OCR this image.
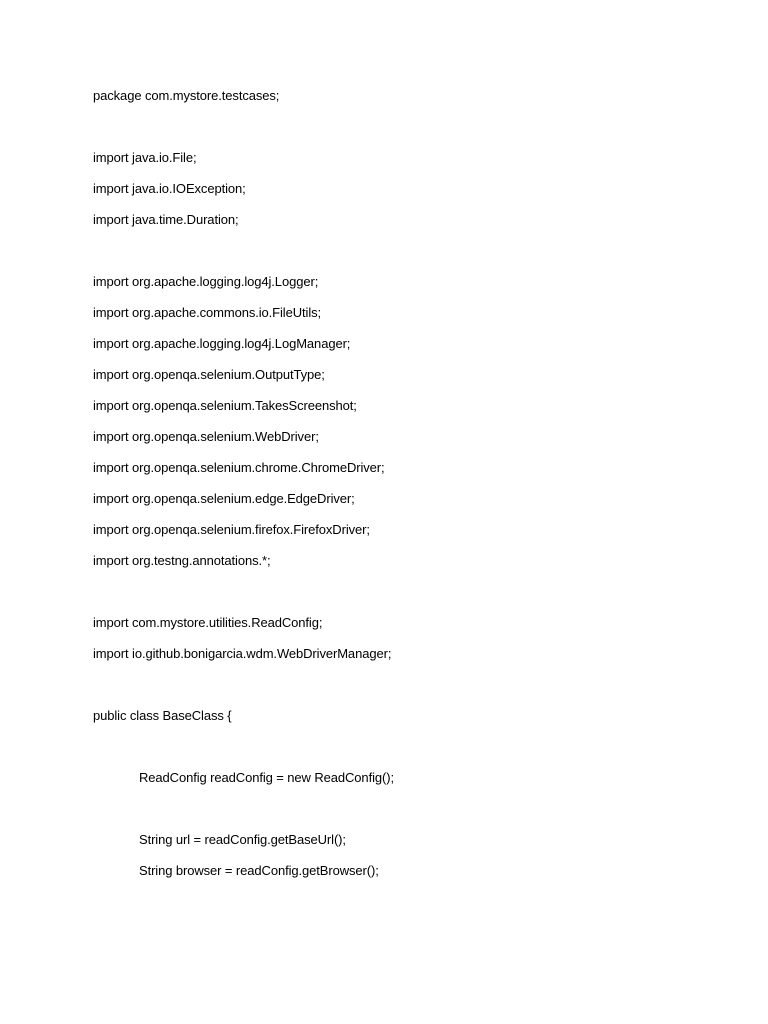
package com.mystore.testcases;
import java.io.File;
import java.io.IOException;
import java.time.Duration;
import org.apache.logging.log4j.Logger;
import org.apache.commons.io.FileUtils;
import org.apache.logging.log4j.LogManager;
import org.openqa.selenium.OutputType;
import org.openqa.selenium.TakesScreenshot;
import org.openqa.selenium.WebDriver;
import org.openqa.selenium.chrome.ChromeDriver;
import org.openqa.selenium.edge.EdgeDriver;
import org.openqa.selenium.firefox.FirefoxDriver;
import org.testng.annotations.*;
import com.mystore.utilities.ReadConfig;
import io.github.bonigarcia.wdm.WebDriverManager;
public class BaseClass {
ReadConfig readConfig = new ReadConfig();
String url = readConfig.getBaseUrl();
String browser = readConfig.getBrowser();
